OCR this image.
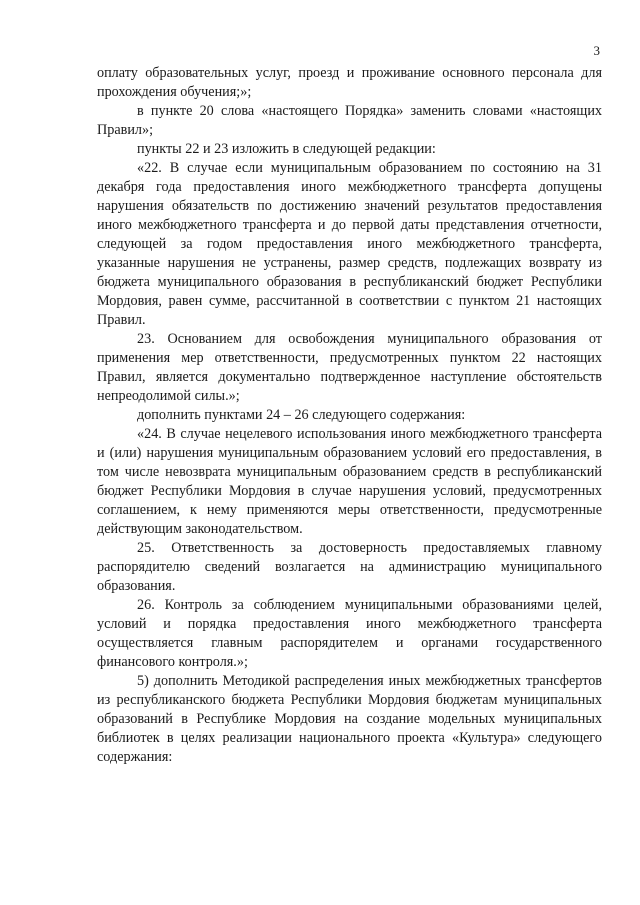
3

оплату образовательных услуг, проезд и проживание основного персонала для прохождения обучения;»;

в пункте 20 слова «настоящего Порядка» заменить словами «настоящих Правил»;

пункты 22 и 23 изложить в следующей редакции:

«22. В случае если муниципальным образованием по состоянию на 31 декабря года предоставления иного межбюджетного трансферта допущены нарушения обязательств по достижению значений результатов предоставления иного межбюджетного трансферта и до первой даты представления отчетности, следующей за годом предоставления иного межбюджетного трансферта, указанные нарушения не устранены, размер средств, подлежащих возврату из бюджета муниципального образования в республиканский бюджет Республики Мордовия, равен сумме, рассчитанной в соответствии с пунктом 21 настоящих Правил.

23. Основанием для освобождения муниципального образования от применения мер ответственности, предусмотренных пунктом 22 настоящих Правил, является документально подтвержденное наступление обстоятельств непреодолимой силы.»;

дополнить пунктами 24 – 26 следующего содержания:

«24. В случае нецелевого использования иного межбюджетного трансферта и (или) нарушения муниципальным образованием условий его предоставления, в том числе невозврата муниципальным образованием средств в республиканский бюджет Республики Мордовия в случае нарушения условий, предусмотренных соглашением, к нему применяются меры ответственности, предусмотренные действующим законодательством.

25. Ответственность за достоверность предоставляемых главному распорядителю сведений возлагается на администрацию муниципального образования.

26. Контроль за соблюдением муниципальными образованиями целей, условий и порядка предоставления иного межбюджетного трансферта осуществляется главным распорядителем и органами государственного финансового контроля.»;

5) дополнить Методикой распределения иных межбюджетных трансфертов из республиканского бюджета Республики Мордовия бюджетам муниципальных образований в Республике Мордовия на создание модельных муниципальных библиотек в целях реализации национального проекта «Культура» следующего содержания:
